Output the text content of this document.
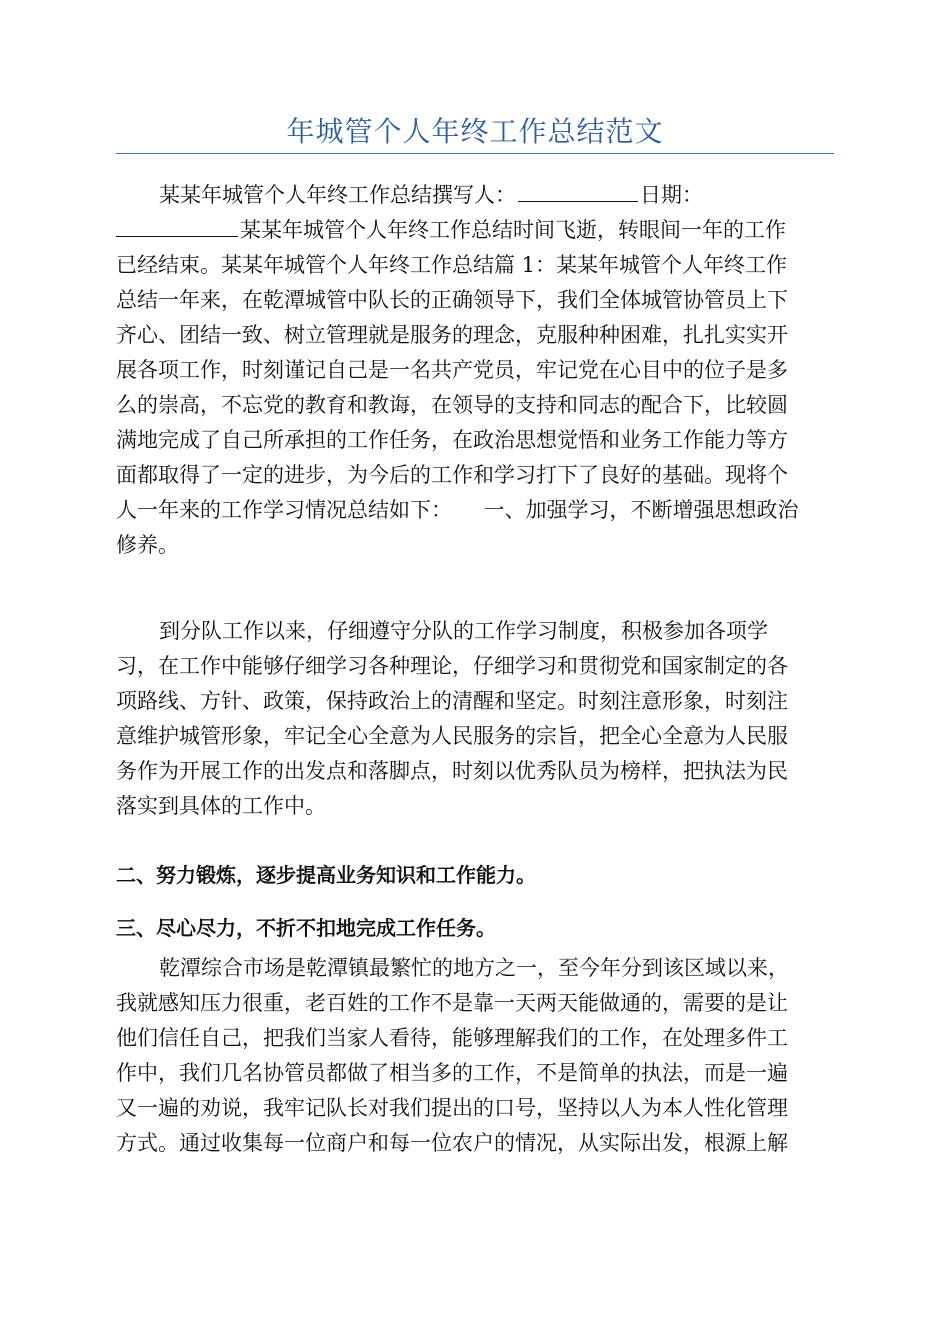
年城管个人年终工作总结范文
某某年城管个人年终工作总结撰写人：	日期：
某某年城管个人年终工作总结时间飞逝，转眼间一年的工作
已经结束。某某年城管个人年终工作总结篇 1：某某年城管个人年终工作
总结一年来，在乾潭城管中队长的正确领导下，我们全体城管协管员上下
齐心、团结一致、树立管理就是服务的理念，克服种种困难，扎扎实实开
展各项工作，时刻谨记自己是一名共产党员，牢记党在心目中的位子是多
么的崇高，不忘党的教育和教诲，在领导的支持和同志的配合下，比较圆
满地完成了自己所承担的工作任务，在政治思想觉悟和业务工作能力等方
面都取得了一定的进步，为今后的工作和学习打下了良好的基础。现将个
人一年来的工作学习情况总结如下：　　一、加强学习，不断增强思想政治
修养。
到分队工作以来，仔细遵守分队的工作学习制度，积极参加各项学
习，在工作中能够仔细学习各种理论，仔细学习和贯彻党和国家制定的各
项路线、方针、政策，保持政治上的清醒和坚定。时刻注意形象，时刻注
意维护城管形象，牢记全心全意为人民服务的宗旨，把全心全意为人民服
务作为开展工作的出发点和落脚点，时刻以优秀队员为榜样，把执法为民
落实到具体的工作中。
二、努力锻炼，逐步提高业务知识和工作能力。
三、尽心尽力，不折不扣地完成工作任务。
乾潭综合市场是乾潭镇最繁忙的地方之一，至今年分到该区域以来，
我就感知压力很重，老百姓的工作不是靠一天两天能做通的，需要的是让
他们信任自己，把我们当家人看待，能够理解我们的工作，在处理多件工
作中，我们几名协管员都做了相当多的工作，不是简单的执法，而是一遍
又一遍的劝说，我牢记队长对我们提出的口号，坚持以人为本人性化管理
方式。通过收集每一位商户和每一位农户的情况，从实际出发，根源上解
